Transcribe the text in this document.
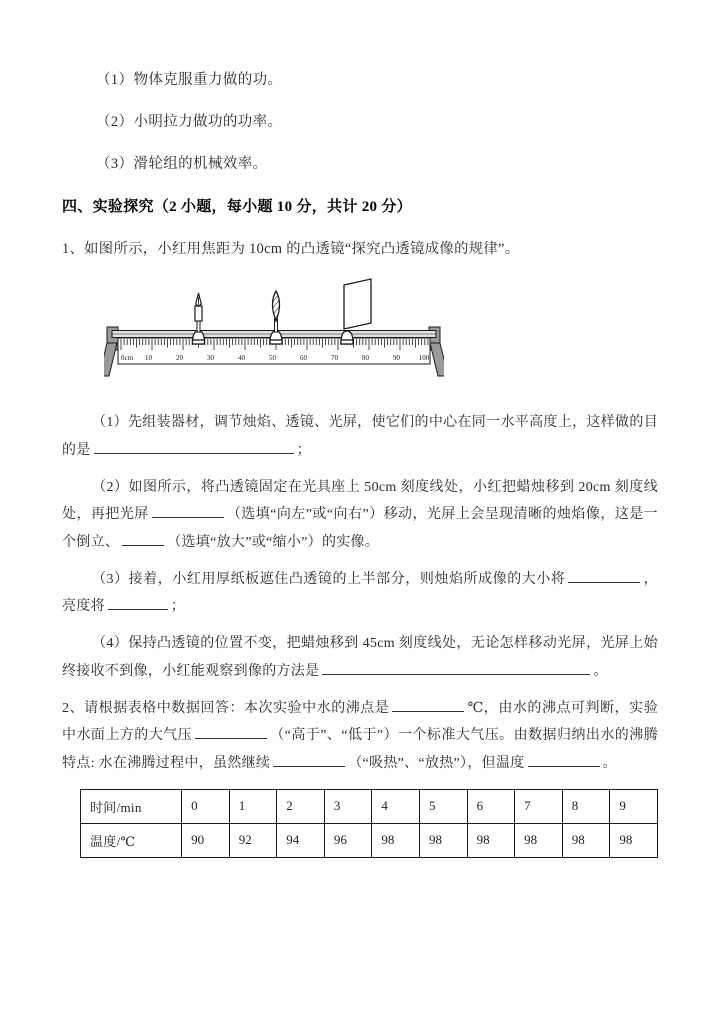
（1）物体克服重力做的功。

（2）小明拉力做功的功率。

（3）滑轮组的机械效率。

四、实验探究（2 小题，每小题 10 分，共计 20 分）

1、如图所示，小红用焦距为 10cm 的凸透镜“探究凸透镜成像的规律”。

0cm 10	20	30	40	50	60	70	80	90	100

（1）先组装器材，调节烛焰、透镜、光屏，使它们的中心在同一水平高度上，这样做的目的是	；

（2）如图所示，将凸透镜固定在光具座上 50cm 刻度线处，小红把蜡烛移到 20cm 刻度线处，再把光屏	（选填“向左”或“向右”）移动，光屏上会呈现清晰的烛焰像，这是一个倒立、	（选填“放大”或“缩小”）的实像。

（3）接着，小红用厚纸板遮住凸透镜的上半部分，则烛焰所成像的大小将	，亮度将	；

（4）保持凸透镜的位置不变，把蜡烛移到 45cm 刻度线处，无论怎样移动光屏，光屏上始终接收不到像，小红能观察到像的方法是	。

2、请根据表格中数据回答：本次实验中水的沸点是	℃，由水的沸点可判断，实验中水面上方的大气压	（“高于”、“低于”）一个标准大气压。由数据归纳出水的沸腾特点: 水在沸腾过程中，虽然继续	（“吸热”、“放热”），但温度	。

时间/min	0	1	2	3	4	5	6	7	8	9
温度/℃	90	92	94	96	98	98	98	98	98	98
